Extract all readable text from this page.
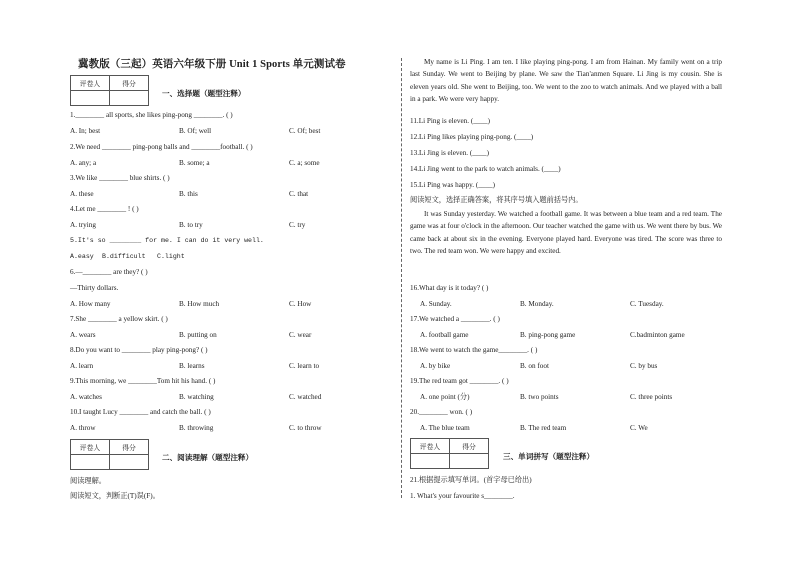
冀教版（三起）英语六年级下册 Unit 1 Sports 单元测试卷
评卷人	得分

一、选择题（题型注释）
1.________ all sports, she likes ping-pong ________. ( )
A. In; best	B. Of; well	C. Of; best
2.We need ________ ping-pong balls and ________football. ( )
A. any; a	B. some; a	C. a; some
3.We like ________ blue shirts. ( )
A. these	B. this	C. that
4.Let me ________ ! ( )
A. trying	B. to try	C. try
5.It's so ________ for me. I can do it very well.
A.easy B.difficult C.light
6.—________ are they? ( )
—Thirty dollars.
A. How many	B. How much	C. How
7.She ________ a yellow skirt. ( )
A. wears	B. putting on	C. wear
8.Do you want to ________ play ping-pong? ( )
A. learn	B. learns	C. learn to
9.This morning, we ________Tom hit his hand. ( )
A. watches	B. watching	C. watched
10.I taught Lucy ________ and catch the ball. ( )
A. throw	B. throwing	C. to throw
评卷人	得分

二、阅读理解（题型注释）
阅读理解。
阅读短文，判断正(T)误(F)。

My name is Li Ping. I am ten. I like playing ping-pong. I am from Hainan. My family went on a trip last Sunday. We went to Beijing by plane. We saw the Tian'anmen Square. Li Jing is my cousin. She is eleven years old. She went to Beijing, too. We went to the zoo to watch animals. And we played with a ball in a park. We were very happy.

11.Li Ping is eleven. (____)
12.Li Ping likes playing ping-pong. (____)
13.Li Jing is eleven. (____)
14.Li Jing went to the park to watch animals. (____)
15.Li Ping was happy. (____)
阅读短文，选择正确答案，将其序号填入题前括号内。

It was Sunday yesterday. We watched a football game. It was between a blue team and a red team. The game was at four o'clock in the afternoon. Our teacher watched the game with us. We went there by bus. We came back at about six in the evening. Everyone played hard. Everyone was tired. The score was three to two. The red team won. We were happy and excited.

16.What day is it today? ( )
A. Sunday.	B. Monday.	C. Tuesday.
17.We watched a ________. ( )
A. football game	B. ping-pong game	C.badminton game
18.We went to watch the game________. ( )
A. by bike	B. on foot	C. by bus
19.The red team got ________. ( )
A. one point (分)	B. two points	C. three points
20.________ won. ( )
A. The blue team	B. The red team	C. We
评卷人	得分

三、单词拼写（题型注释）
21.根据提示填写单词。(首字母已给出)
1. What's your favourite s________.
